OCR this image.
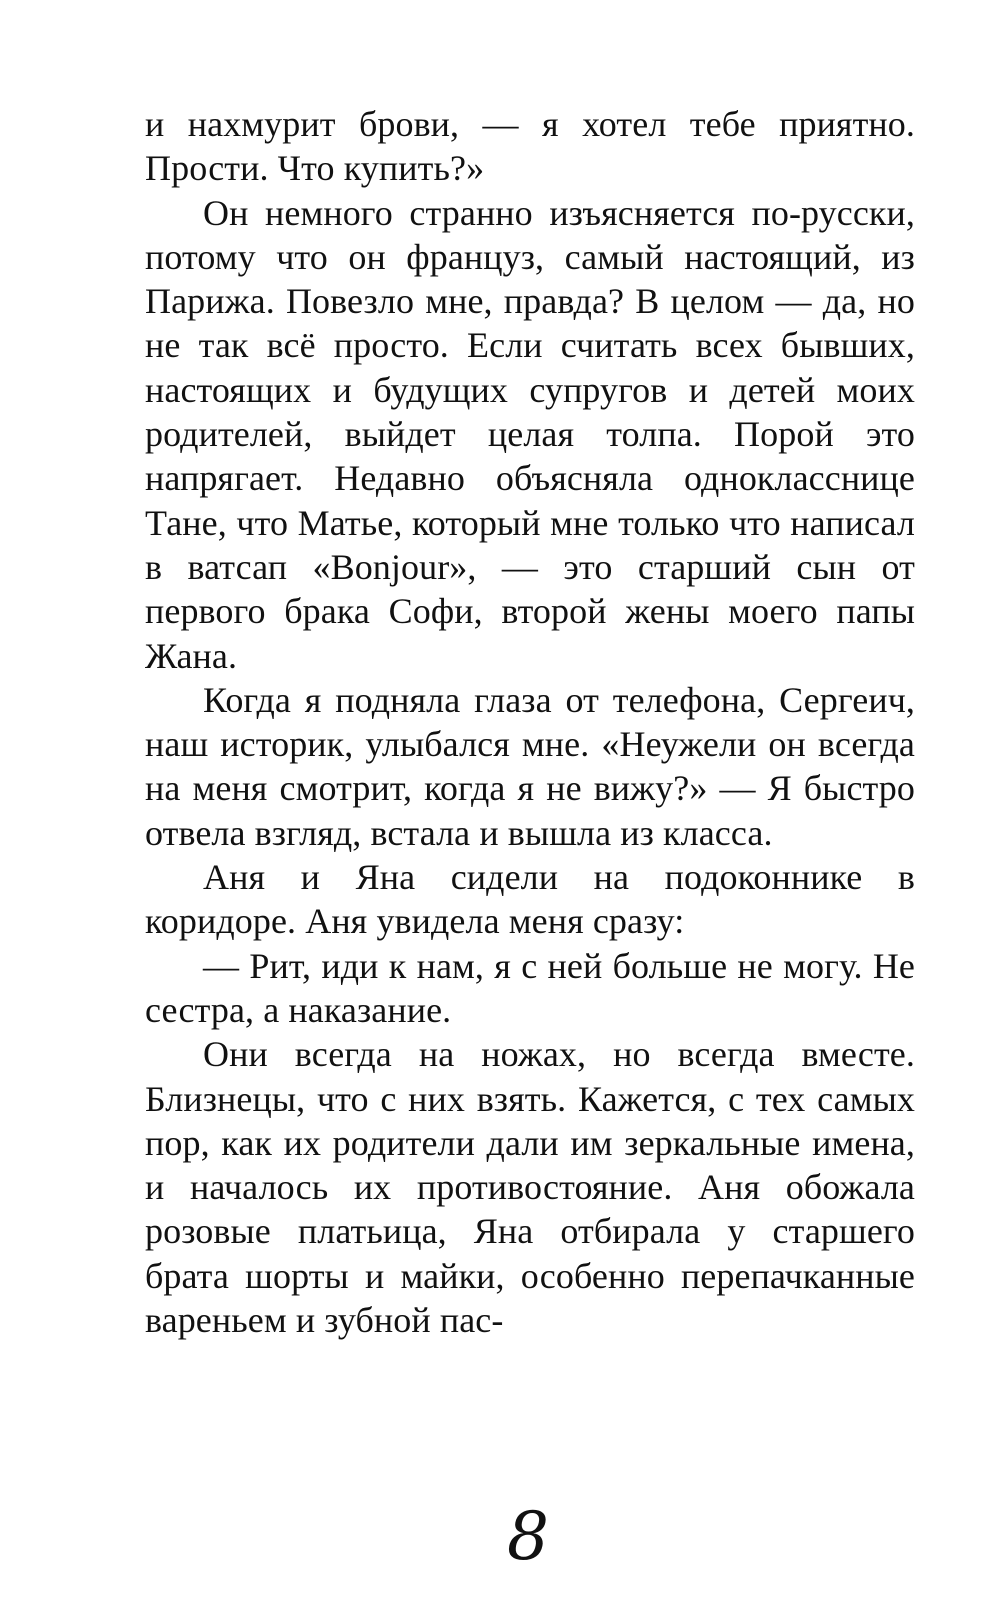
и нахмурит брови, — я хотел тебе приятно. Прости. Что купить?»

Он немного странно изъясняется по-русски, потому что он француз, самый настоящий, из Парижа. Повезло мне, правда? В целом — да, но не так всё просто. Если считать всех бывших, настоящих и будущих супругов и детей моих родителей, выйдет целая толпа. Порой это напрягает. Недавно объясняла однокласснице Тане, что Матье, который мне только что написал в ватсап «Bonjour», — это старший сын от первого брака Софи, второй жены моего папы Жана.

Когда я подняла глаза от телефона, Сергеич, наш историк, улыбался мне. «Неужели он всегда на меня смотрит, когда я не вижу?» — Я быстро отвела взгляд, встала и вышла из класса.

Аня и Яна сидели на подоконнике в коридоре. Аня увидела меня сразу:

— Рит, иди к нам, я с ней больше не могу. Не сестра, а наказание.

Они всегда на ножах, но всегда вместе. Близнецы, что с них взять. Кажется, с тех самых пор, как их родители дали им зеркальные имена, и началось их противостояние. Аня обожала розовые платьица, Яна отбирала у старшего брата шорты и майки, особенно перепачканные вареньем и зубной пас-

8
